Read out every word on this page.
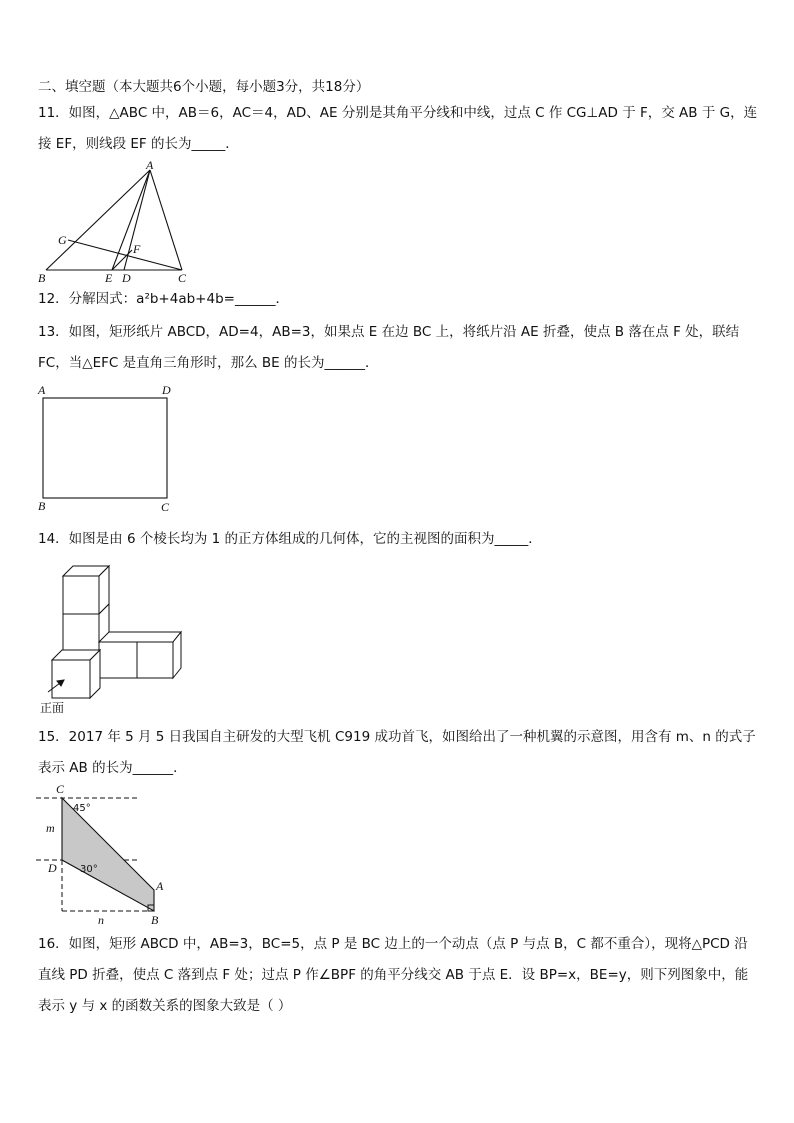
二、填空题（本大题共6个小题，每小题3分，共18分）
11．如图，△ABC 中，AB＝6，AC＝4，AD、AE 分别是其角平分线和中线，过点 C 作 CG⊥AD 于 F，交 AB 于 G，连
接 EF，则线段 EF 的长为_____．
A
G
F
B	E D	C
12．分解因式：a²b+4ab+4b=______．
13．如图，矩形纸片 ABCD，AD=4，AB=3，如果点 E 在边 BC 上，将纸片沿 AE 折叠，使点 B 落在点 F 处，联结
FC，当△EFC 是直角三角形时，那么 BE 的长为______．
A	D
B	C
14．如图是由 6 个棱长均为 1 的正方体组成的几何体，它的主视图的面积为_____．
正面
15．2017 年 5 月 5 日我国自主研发的大型飞机 C919 成功首飞，如图给出了一种机翼的示意图，用含有 m、n 的式子
表示 AB 的长为______．
C
45°
m
D 30°
A
n	B
16．如图，矩形 ABCD 中，AB=3，BC=5，点 P 是 BC 边上的一个动点（点 P 与点 B，C 都不重合），现将△PCD 沿
直线 PD 折叠，使点 C 落到点 F 处；过点 P 作∠BPF 的角平分线交 AB 于点 E．设 BP=x，BE=y，则下列图象中，能
表示 y 与 x 的函数关系的图象大致是（ ）
